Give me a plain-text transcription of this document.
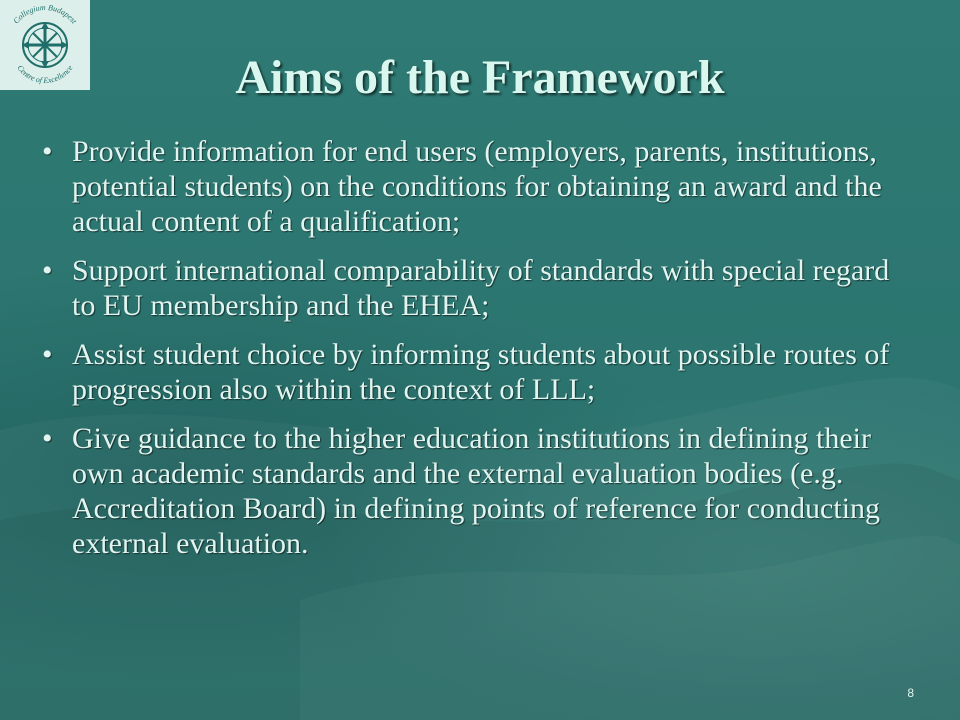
Collegium Budapest
Centre of Excellence	Aims of the Framework
• Provide information for end users (employers, parents, institutions, potential students) on the conditions for obtaining an award and the actual content of a qualification;
• Support international comparability of standards with special regard to EU membership and the EHEA;
• Assist student choice by informing students about possible routes of progression also within the context of LLL;
• Give guidance to the higher education institutions in defining their own academic standards and the external evaluation bodies (e.g. Accreditation Board) in defining points of reference for conducting external evaluation.
8
